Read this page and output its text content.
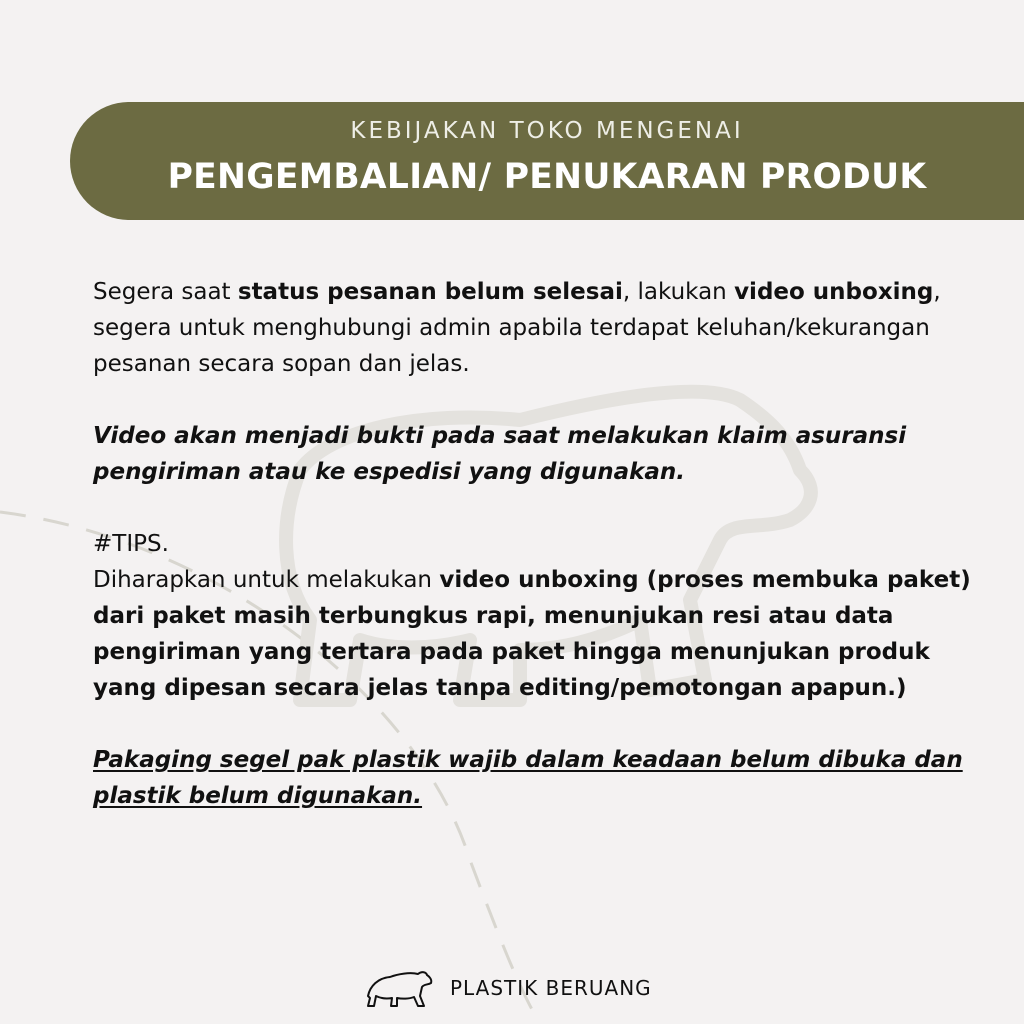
KEBIJAKAN TOKO MENGENAI

PENGEMBALIAN/ PENUKARAN PRODUK

Segera saat status pesanan belum selesai, lakukan video unboxing, segera untuk menghubungi admin apabila terdapat keluhan/kekurangan pesanan secara sopan dan jelas.

Video akan menjadi bukti pada saat melakukan klaim asuransi pengiriman atau ke espedisi yang digunakan.

#TIPS.

Diharapkan untuk melakukan video unboxing (proses membuka paket) dari paket masih terbungkus rapi, menunjukan resi atau data pengiriman yang tertara pada paket hingga menunjukan produk yang dipesan secara jelas tanpa editing/pemotongan apapun.)

Pakaging segel pak plastik wajib dalam keadaan belum dibuka dan plastik belum digunakan.

PLASTIK BERUANG
